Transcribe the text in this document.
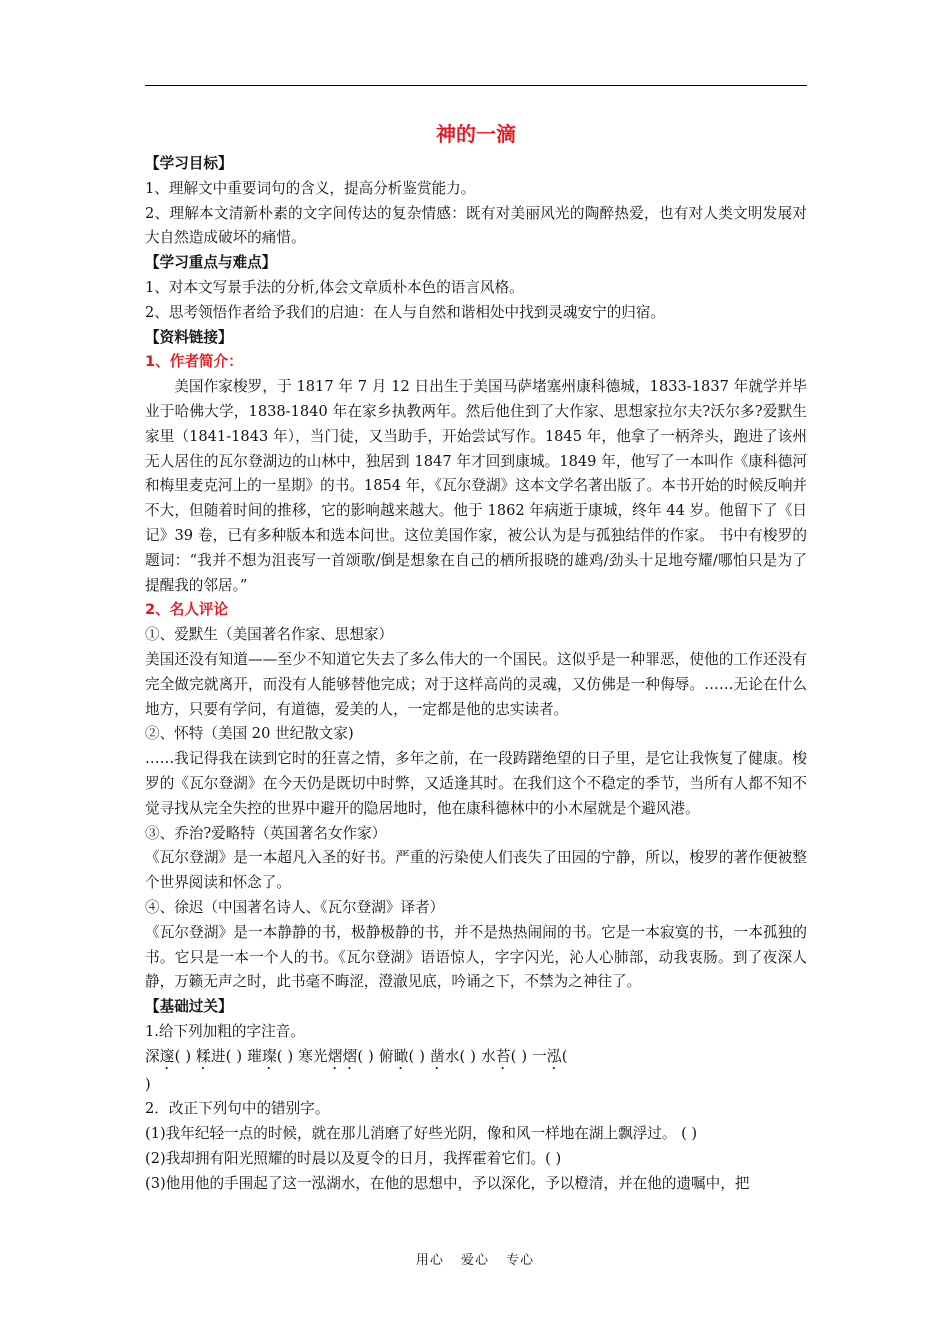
神的一滴
【学习目标】

1、理解文中重要词句的含义，提高分析鉴赏能力。

2、理解本文清新朴素的文字间传达的复杂情感：既有对美丽风光的陶醉热爱，也有对人类文明发展对大自然造成破坏的痛惜。

【学习重点与难点】

1、对本文写景手法的分析,体会文章质朴本色的语言风格。

2、思考领悟作者给予我们的启迪：在人与自然和谐相处中找到灵魂安宁的归宿。

【资料链接】
1、作者简介：

美国作家梭罗，于 1817 年 7 月 12 日出生于美国马萨堵塞州康科德城，1833-1837 年就学并毕业于哈佛大学，1838-1840 年在家乡执教两年。然后他住到了大作家、思想家拉尔夫?沃尔多?爱默生家里（1841-1843 年），当门徒，又当助手，开始尝试写作。1845 年，他拿了一柄斧头，跑进了该州无人居住的瓦尔登湖边的山林中，独居到 1847 年才回到康城。1849 年，他写了一本叫作《康科德河和梅里麦克河上的一星期》的书。1854 年，《瓦尔登湖》这本文学名著出版了。本书开始的时候反响并不大，但随着时间的推移，它的影响越来越大。他于 1862 年病逝于康城，终年 44 岁。他留下了《日记》39 卷，已有多种版本和选本问世。这位美国作家，被公认为是与孤独结伴的作家。 书中有梭罗的题词：“我并不想为沮丧写一首颂歌/倒是想象在自己的栖所报晓的雄鸡/劲头十足地夸耀/哪怕只是为了提醒我的邻居。”

2、名人评论

①、爱默生（美国著名作家、思想家）

美国还没有知道——至少不知道它失去了多么伟大的一个国民。这似乎是一种罪恶，使他的工作还没有完全做完就离开，而没有人能够替他完成；对于这样高尚的灵魂，又仿佛是一种侮辱。……无论在什么地方，只要有学问，有道德，爱美的人，一定都是他的忠实读者。

②、怀特（美国 20 世纪散文家)

……我记得我在读到它时的狂喜之情，多年之前，在一段踌躇绝望的日子里，是它让我恢复了健康。梭罗的《瓦尔登湖》在今天仍是既切中时弊，又适逢其时。在我们这个不稳定的季节，当所有人都不知不觉寻找从完全失控的世界中避开的隐居地时，他在康科德林中的小木屋就是个避风港。

③、乔治?爱略特（英国著名女作家）

《瓦尔登湖》是一本超凡入圣的好书。严重的污染使人们丧失了田园的宁静，所以，梭罗的著作便被整个世界阅读和怀念了。

④、徐迟（中国著名诗人、《瓦尔登湖》译者）

《瓦尔登湖》是一本静静的书，极静极静的书，并不是热热闹闹的书。它是一本寂寞的书，一本孤独的书。它只是一本一个人的书。《瓦尔登湖》语语惊人，字字闪光，沁人心肺部，动我衷肠。到了夜深人静，万籁无声之时，此书毫不晦涩，澄澈见底，吟诵之下，不禁为之神往了。

【基础过关】

1.给下列加粗的字注音。

深邃( ) 糅进( ) 璀璨( ) 寒光熠熠( ) 俯瞰( ) 凿水( ) 水苔( ) 一泓(

)

2．改正下列句中的错别字。

(1)我年纪轻一点的时候，就在那儿消磨了好些光阴，像和风一样地在湖上飘浮过。 ( )

(2)我却拥有阳光照耀的时晨以及夏令的日月，我挥霍着它们。( )

(3)他用他的手围起了这一泓湖水，在他的思想中，予以深化，予以橙清，并在他的遗嘱中，把

用心 爱心 专心
